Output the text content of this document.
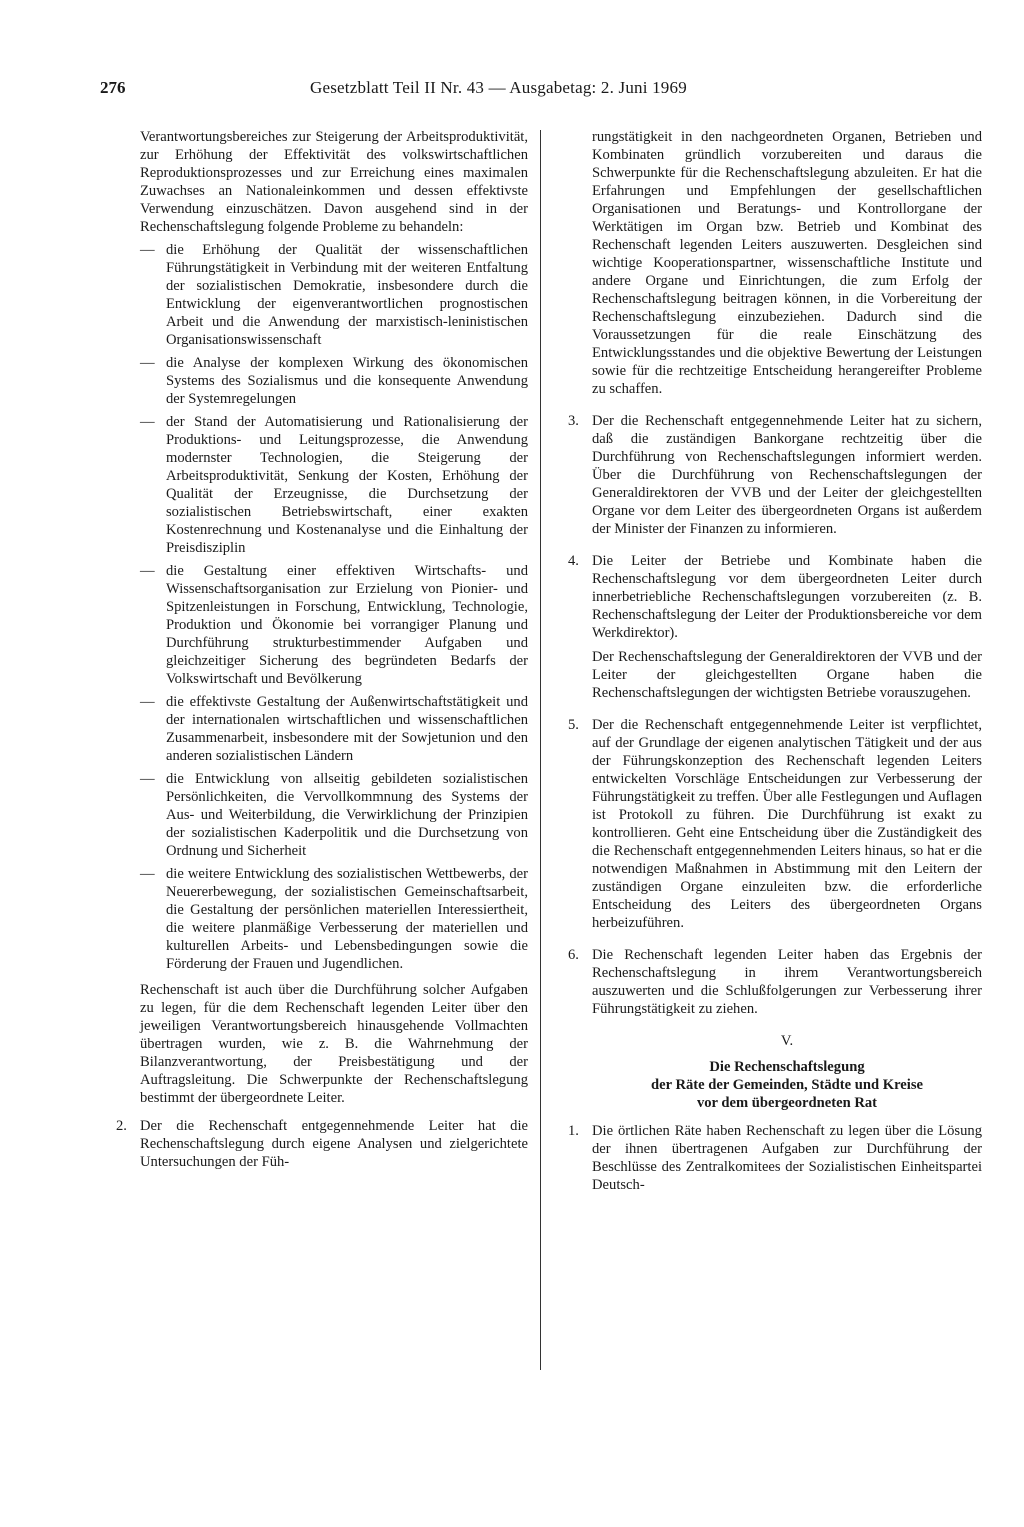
276	Gesetzblatt Teil II Nr. 43 — Ausgabetag: 2. Juni 1969

Verantwortungsbereiches zur Steigerung der Arbeitsproduktivität, zur Erhöhung der Effektivität des volkswirtschaftlichen Reproduktionsprozesses und zur Erreichung eines maximalen Zuwachses an Nationaleinkommen und dessen effektivste Verwendung einzuschätzen. Davon ausgehend sind in der Rechenschaftslegung folgende Probleme zu behandeln:

— die Erhöhung der Qualität der wissenschaftlichen Führungstätigkeit in Verbindung mit der weiteren Entfaltung der sozialistischen Demokratie, insbesondere durch die Entwicklung der eigenverantwortlichen prognostischen Arbeit und die Anwendung der marxistisch-leninistischen Organisationswissenschaft

— die Analyse der komplexen Wirkung des ökonomischen Systems des Sozialismus und die konsequente Anwendung der Systemregelungen

— der Stand der Automatisierung und Rationalisierung der Produktions- und Leitungsprozesse, die Anwendung modernster Technologien, die Steigerung der Arbeitsproduktivität, Senkung der Kosten, Erhöhung der Qualität der Erzeugnisse, die Durchsetzung der sozialistischen Betriebswirtschaft, einer exakten Kostenrechnung und Kostenanalyse und die Einhaltung der Preisdisziplin

— die Gestaltung einer effektiven Wirtschafts- und Wissenschaftsorganisation zur Erzielung von Pionier- und Spitzenleistungen in Forschung, Entwicklung, Technologie, Produktion und Ökonomie bei vorrangiger Planung und Durchführung strukturbestimmender Aufgaben und gleichzeitiger Sicherung des begründeten Bedarfs der Volkswirtschaft und Bevölkerung

— die effektivste Gestaltung der Außenwirtschaftstätigkeit und der internationalen wirtschaftlichen und wissenschaftlichen Zusammenarbeit, insbesondere mit der Sowjetunion und den anderen sozialistischen Ländern

— die Entwicklung von allseitig gebildeten sozialistischen Persönlichkeiten, die Vervollkommnung des Systems der Aus- und Weiterbildung, die Verwirklichung der Prinzipien der sozialistischen Kaderpolitik und die Durchsetzung von Ordnung und Sicherheit

— die weitere Entwicklung des sozialistischen Wettbewerbs, der Neuererbewegung, der sozialistischen Gemeinschaftsarbeit, die Gestaltung der persönlichen materiellen Interessiertheit, die weitere planmäßige Verbesserung der materiellen und kulturellen Arbeits- und Lebensbedingungen sowie die Förderung der Frauen und Jugendlichen.

Rechenschaft ist auch über die Durchführung solcher Aufgaben zu legen, für die dem Rechenschaft legenden Leiter über den jeweiligen Verantwortungsbereich hinausgehende Vollmachten übertragen wurden, wie z. B. die Wahrnehmung der Bilanzverantwortung, der Preisbestätigung und der Auftragsleitung. Die Schwerpunkte der Rechenschaftslegung bestimmt der übergeordnete Leiter.

2. Der die Rechenschaft entgegennehmende Leiter hat die Rechenschaftslegung durch eigene Analysen und zielgerichtete Untersuchungen der Füh-

rungstätigkeit in den nachgeordneten Organen, Betrieben und Kombinaten gründlich vorzubereiten und daraus die Schwerpunkte für die Rechenschaftslegung abzuleiten. Er hat die Erfahrungen und Empfehlungen der gesellschaftlichen Organisationen und Beratungs- und Kontrollorgane der Werktätigen im Organ bzw. Betrieb und Kombinat des Rechenschaft legenden Leiters auszuwerten. Desgleichen sind wichtige Kooperationspartner, wissenschaftliche Institute und andere Organe und Einrichtungen, die zum Erfolg der Rechenschaftslegung beitragen können, in die Vorbereitung der Rechenschaftslegung einzubeziehen. Dadurch sind die Voraussetzungen für die reale Einschätzung des Entwicklungsstandes und die objektive Bewertung der Leistungen sowie für die rechtzeitige Entscheidung herangereifter Probleme zu schaffen.

3. Der die Rechenschaft entgegennehmende Leiter hat zu sichern, daß die zuständigen Bankorgane rechtzeitig über die Durchführung von Rechenschaftslegungen informiert werden. Über die Durchführung von Rechenschaftslegungen der Generaldirektoren der VVB und der Leiter der gleichgestellten Organe vor dem Leiter des übergeordneten Organs ist außerdem der Minister der Finanzen zu informieren.

4. Die Leiter der Betriebe und Kombinate haben die Rechenschaftslegung vor dem übergeordneten Leiter durch innerbetriebliche Rechenschaftslegungen vorzubereiten (z. B. Rechenschaftslegung der Leiter der Produktionsbereiche vor dem Werkdirektor).

Der Rechenschaftslegung der Generaldirektoren der VVB und der Leiter der gleichgestellten Organe haben die Rechenschaftslegungen der wichtigsten Betriebe vorauszugehen.

5. Der die Rechenschaft entgegennehmende Leiter ist verpflichtet, auf der Grundlage der eigenen analytischen Tätigkeit und der aus der Führungskonzeption des Rechenschaft legenden Leiters entwickelten Vorschläge Entscheidungen zur Verbesserung der Führungstätigkeit zu treffen. Über alle Festlegungen und Auflagen ist Protokoll zu führen. Die Durchführung ist exakt zu kontrollieren. Geht eine Entscheidung über die Zuständigkeit des die Rechenschaft entgegennehmenden Leiters hinaus, so hat er die notwendigen Maßnahmen in Abstimmung mit den Leitern der zuständigen Organe einzuleiten bzw. die erforderliche Entscheidung des Leiters des übergeordneten Organs herbeizuführen.

6. Die Rechenschaft legenden Leiter haben das Ergebnis der Rechenschaftslegung in ihrem Verantwortungsbereich auszuwerten und die Schlußfolgerungen zur Verbesserung ihrer Führungstätigkeit zu ziehen.

V.
Die Rechenschaftslegung
der Räte der Gemeinden, Städte und Kreise
vor dem übergeordneten Rat
1. Die örtlichen Räte haben Rechenschaft zu legen über die Lösung der ihnen übertragenen Aufgaben zur Durchführung der Beschlüsse des Zentralkomitees der Sozialistischen Einheitspartei Deutsch-
